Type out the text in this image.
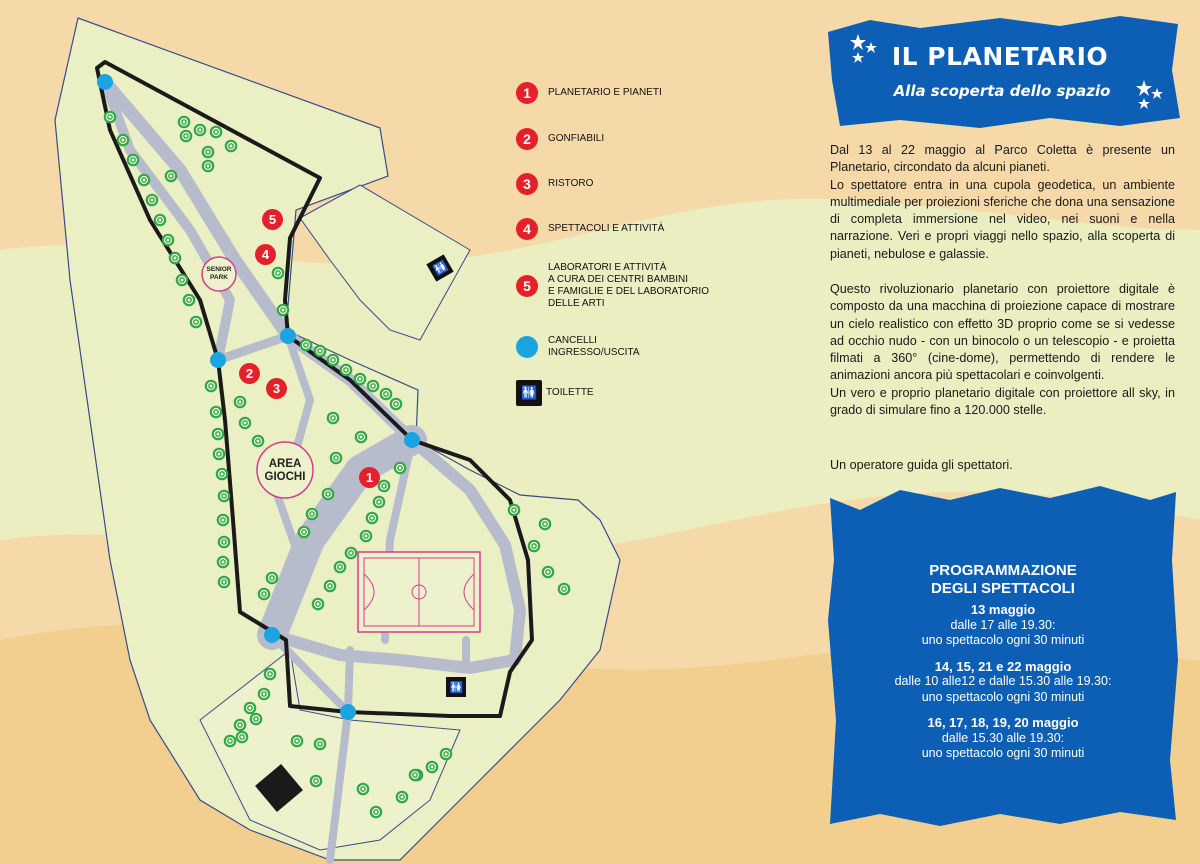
SENIOR
PARK
AREA
GIOCHI
5
4
2
3
1
🚻
🚻
1	PLANETARIO E PIANETI
2	GONFIABILI
3	RISTORO
4	SPETTACOLI E ATTIVITÀ
5
LABORATORI E ATTIVITÀ
A CURA DEI CENTRI BAMBINI
E FAMIGLIE E DEL LABORATORIO
DELLE ARTI
CANCELLI
INGRESSO/USCITA
🚻 TOILETTE
IL PLANETARIO
Alla scoperta dello spazio

Dal 13 al 22 maggio al Parco Coletta è presente un Planetario, circondato da alcuni pianeti.

Lo spettatore entra in una cupola geodetica, un ambiente multimediale per proiezioni sferiche che dona una sensazione di completa immersione nel video, nei suoni e nella narrazione. Veri e propri viaggi nello spazio, alla scoperta di pianeti, nebulose e galassie.

Questo rivoluzionario planetario con proiettore digitale è composto da una macchina di proiezione capace di mostrare un cielo realistico con effetto 3D proprio come se si vedesse ad occhio nudo - con un binocolo o un telescopio - e proietta filmati a 360° (cine-dome), permettendo di rendere le animazioni ancora più spettacolari e coinvolgenti.

Un vero e proprio planetario digitale con proiettore all sky, in grado di simulare fino a 120.000 stelle.

Un operatore guida gli spettatori.

PROGRAMMAZIONE
DEGLI SPETTACOLI
13 maggio
dalle 17 alle 19.30:
uno spettacolo ogni 30 minuti
14, 15, 21 e 22 maggio
dalle 10 alle12 e dalle 15.30 alle 19.30:
uno spettacolo ogni 30 minuti
16, 17, 18, 19, 20 maggio
dalle 15.30 alle 19.30:
uno spettacolo ogni 30 minuti
